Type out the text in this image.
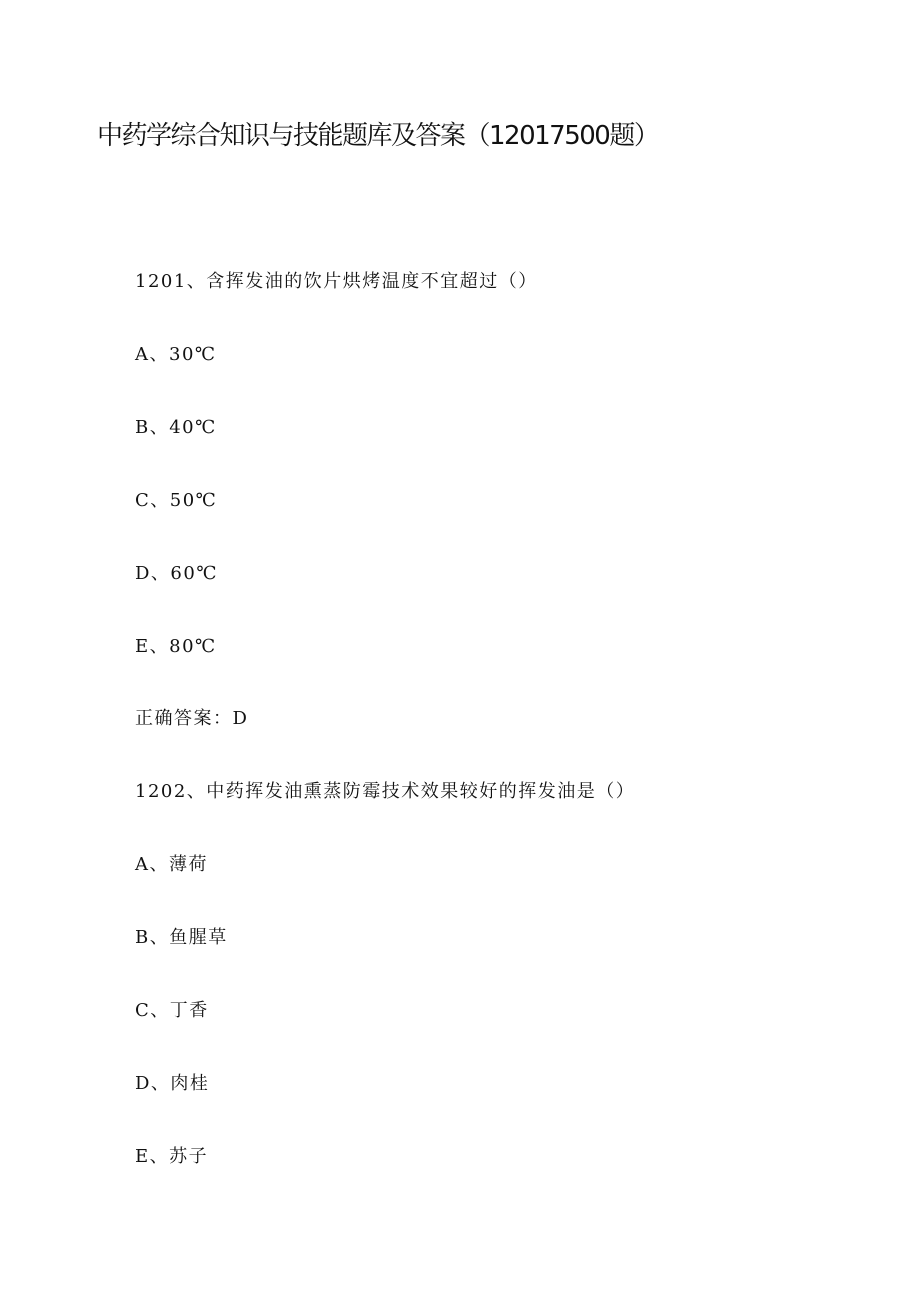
中药学综合知识与技能题库及答案（12017500题）

1201、含挥发油的饮片烘烤温度不宜超过（）

A、30℃

B、40℃

C、50℃

D、60℃

E、80℃

正确答案：D

1202、中药挥发油熏蒸防霉技术效果较好的挥发油是（）

A、薄荷

B、鱼腥草

C、丁香

D、肉桂

E、苏子
